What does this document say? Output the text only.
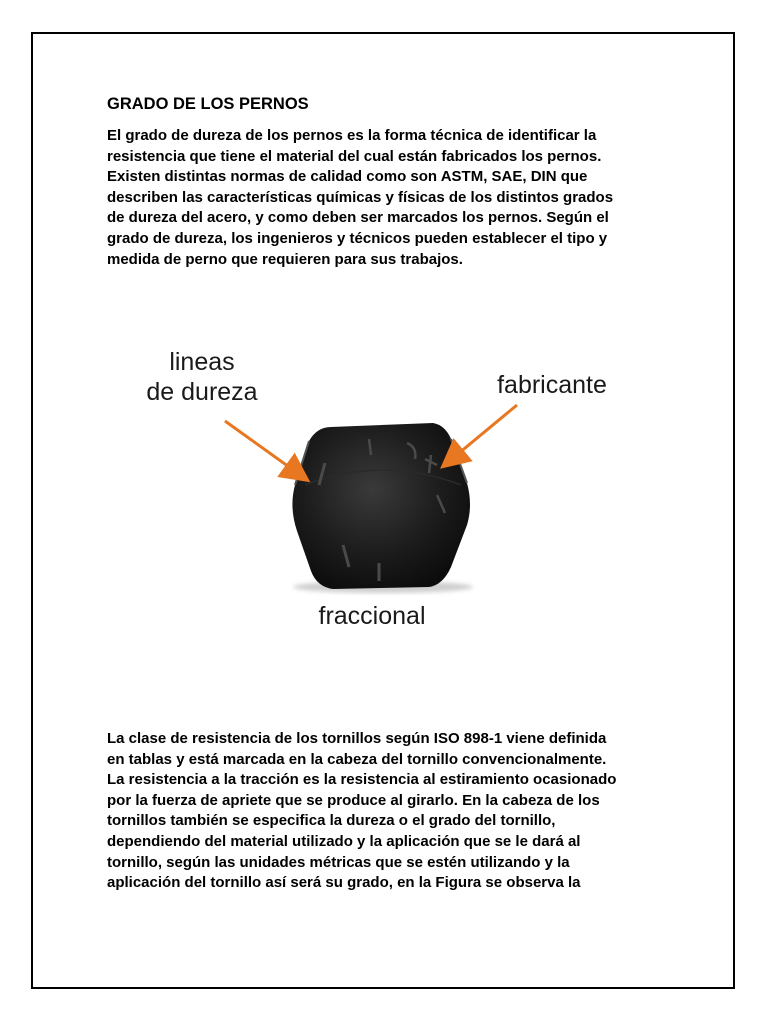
GRADO DE LOS PERNOS

El grado de dureza de los pernos es la forma técnica de identificar la
resistencia que tiene el material del cual están fabricados los pernos.
Existen distintas normas de calidad como son ASTM, SAE, DIN que
describen las características químicas y físicas de los distintos grados
de dureza del acero, y como deben ser marcados los pernos. Según el
grado de dureza, los ingenieros y técnicos pueden establecer el tipo y
medida de perno que requieren para sus trabajos.

lineas
de dureza	fabricante
fraccional

La clase de resistencia de los tornillos según ISO 898-1 viene definida
en tablas y está marcada en la cabeza del tornillo convencionalmente.
La resistencia a la tracción es la resistencia al estiramiento ocasionado
por la fuerza de apriete que se produce al girarlo. En la cabeza de los
tornillos también se especifica la dureza o el grado del tornillo,
dependiendo del material utilizado y la aplicación que se le dará al
tornillo, según las unidades métricas que se estén utilizando y la
aplicación del tornillo así será su grado, en la Figura se observa la
